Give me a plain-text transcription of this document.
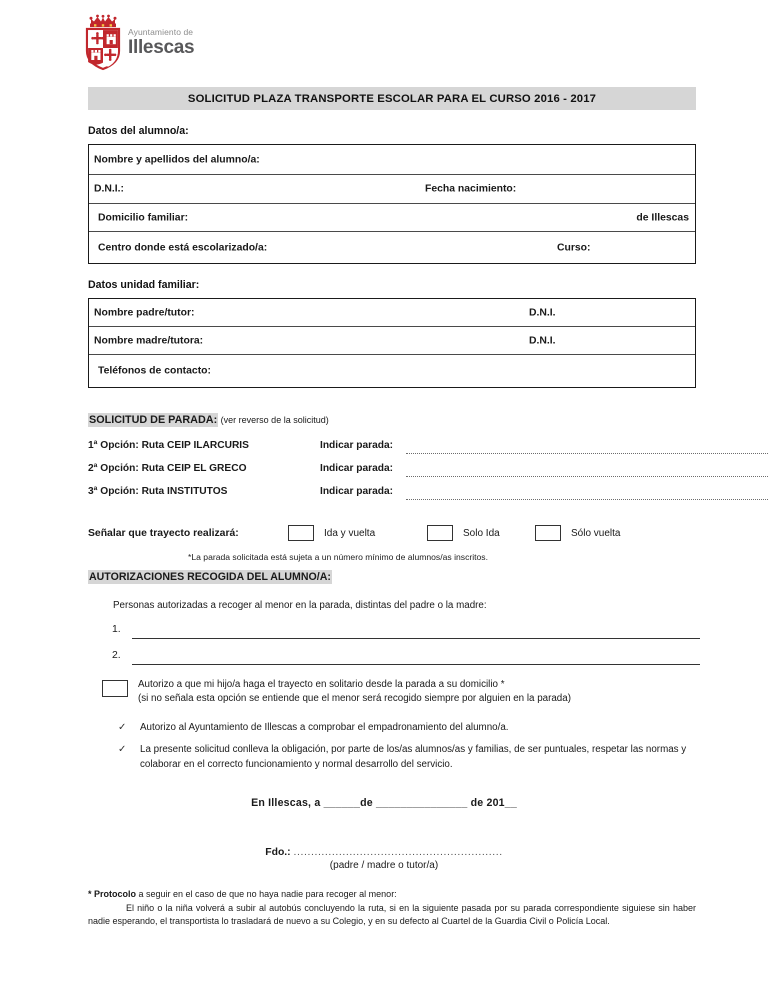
Ayuntamiento de
Illescas
SOLICITUD PLAZA TRANSPORTE ESCOLAR PARA EL CURSO 2016 - 2017
Datos del alumno/a:
Nombre y apellidos del alumno/a:
D.N.I.:	Fecha nacimiento:
Domicilio familiar:	de Illescas
Centro donde está escolarizado/a:	Curso:
Datos unidad familiar:
Nombre padre/tutor:	D.N.I.
Nombre madre/tutora:	D.N.I.
Teléfonos de contacto:
SOLICITUD DE PARADA: (ver reverso de la solicitud)
1ª Opción: Ruta CEIP ILARCURIS	Indicar parada:
2ª Opción: Ruta CEIP EL GRECO	Indicar parada:
3ª Opción: Ruta INSTITUTOS	Indicar parada:
Señalar que trayecto realizará:	Ida y vuelta	Solo Ida	Sólo vuelta
*La parada solicitada está sujeta a un número mínimo de alumnos/as inscritos.
AUTORIZACIONES RECOGIDA DEL ALUMNO/A:
Personas autorizadas a recoger al menor en la parada, distintas del padre o la madre:
1.
2.
Autorizo a que mi hijo/a haga el trayecto en solitario desde la parada a su domicilio *
(si no señala esta opción se entiende que el menor será recogido siempre por alguien en la parada)
✓ Autorizo al Ayuntamiento de Illescas a comprobar el empadronamiento del alumno/a.
✓ La presente solicitud conlleva la obligación, por parte de los/as alumnos/as y familias, de ser puntuales, respetar las normas y colaborar en el correcto funcionamiento y normal desarrollo del servicio.
En Illescas, a ______de _______________ de 201__
Fdo.: ............................................................
(padre / madre o tutor/a)
* Protocolo a seguir en el caso de que no haya nadie para recoger al menor:
El niño o la niña volverá a subir al autobús concluyendo la ruta, si en la siguiente pasada por su parada correspondiente siguiese sin haber nadie esperando, el transportista lo trasladará de nuevo a su Colegio, y en su defecto al Cuartel de la Guardia Civil o Policía Local.
